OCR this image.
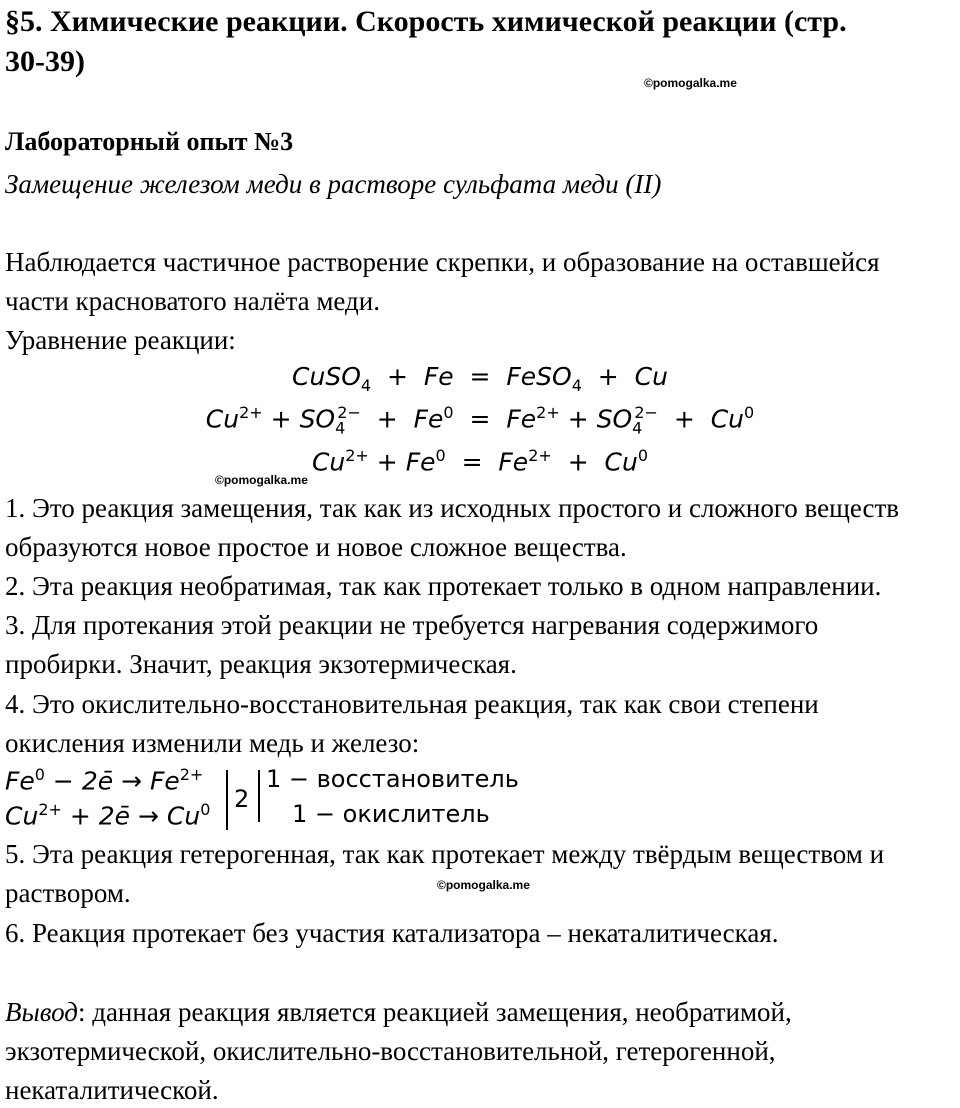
§5. Химические реакции. Скорость химической реакции (стр.
30-39)
©pomogalka.me
Лабораторный опыт №3
Замещение железом меди в растворе сульфата меди (II)
Наблюдается частичное растворение скрепки, и образование на оставшейся
части красноватого налёта меди.
Уравнение реакции:
CuSO$_4$ + Fe = FeSO$_4$ + Cu
$Cu^{2+} + SO_4^{2-} + Fe^0 = Fe^{2+} + SO_4^{2-} + Cu^0$
$Cu^{2+} + Fe^0 = Fe^{2+} + Cu^0$
©pomogalka.me
1. Это реакция замещения, так как из исходных простого и сложного веществ
образуются новое простое и новое сложное вещества.
2. Эта реакция необратимая, так как протекает только в одном направлении.
3. Для протекания этой реакции не требуется нагревания содержимого
пробирки. Значит, реакция экзотермическая.
4. Это окислительно-восстановительная реакция, так как свои степени
окисления изменили медь и железо:
$Fe^0$ − 2ē → $Fe^{2+}$
$Cu^{2+}$ + 2ē → $Cu^0$ 2
1 − восстановитель
1 − окислитель
5. Эта реакция гетерогенная, так как протекает между твёрдым веществом и
раствором.	©pomogalka.me
6. Реакция протекает без участия катализатора – некаталитическая.
Вывод: данная реакция является реакцией замещения, необратимой,
экзотермической, окислительно-восстановительной, гетерогенной,
некаталитической.
